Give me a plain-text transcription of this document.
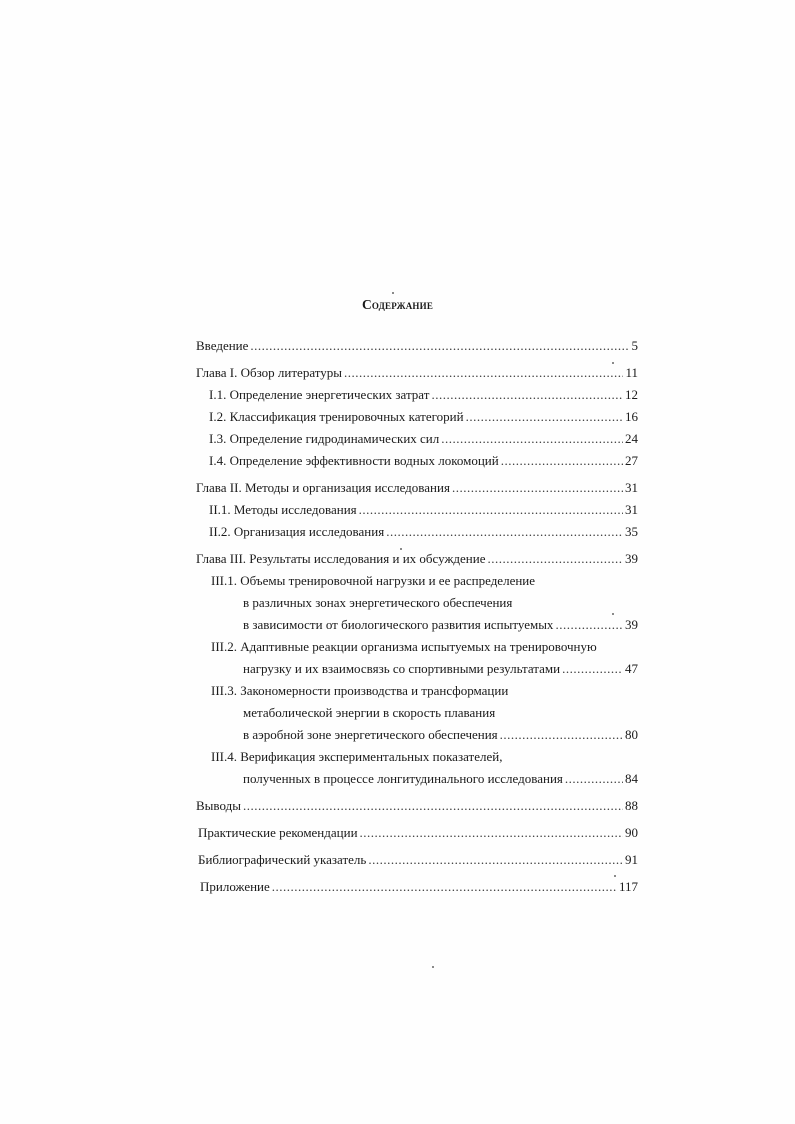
Содержание
Введение .....	5
Глава I. Обзор литературы .....	11
I.1. Определение энергетических затрат .....	12
I.2. Классификация тренировочных категорий .....	16
I.3. Определение гидродинамических сил .....	24
I.4. Определение эффективности водных локомоций .....	27
Глава II. Методы и организация исследования .....	31
II.1. Методы исследования .....	31
II.2. Организация исследования .....	35
Глава III. Результаты исследования и их обсуждение .....	39
III.1. Объемы тренировочной нагрузки и ее распределение
в различных зонах энергетического обеспечения
в зависимости от биологического развития испытуемых .....	39
III.2. Адаптивные реакции организма испытуемых на тренировочную
нагрузку и их взаимосвязь со спортивными результатами .....	47
III.3. Закономерности производства и трансформации
метаболической энергии в скорость плавания
в аэробной зоне энергетического обеспечения .....	80
III.4. Верификация экспериментальных показателей,
полученных в процессе лонгитудинального исследования .....	84
Выводы .....	88
Практические рекомендации .....	90
Библиографический указатель .....	91
Приложение .....	117
